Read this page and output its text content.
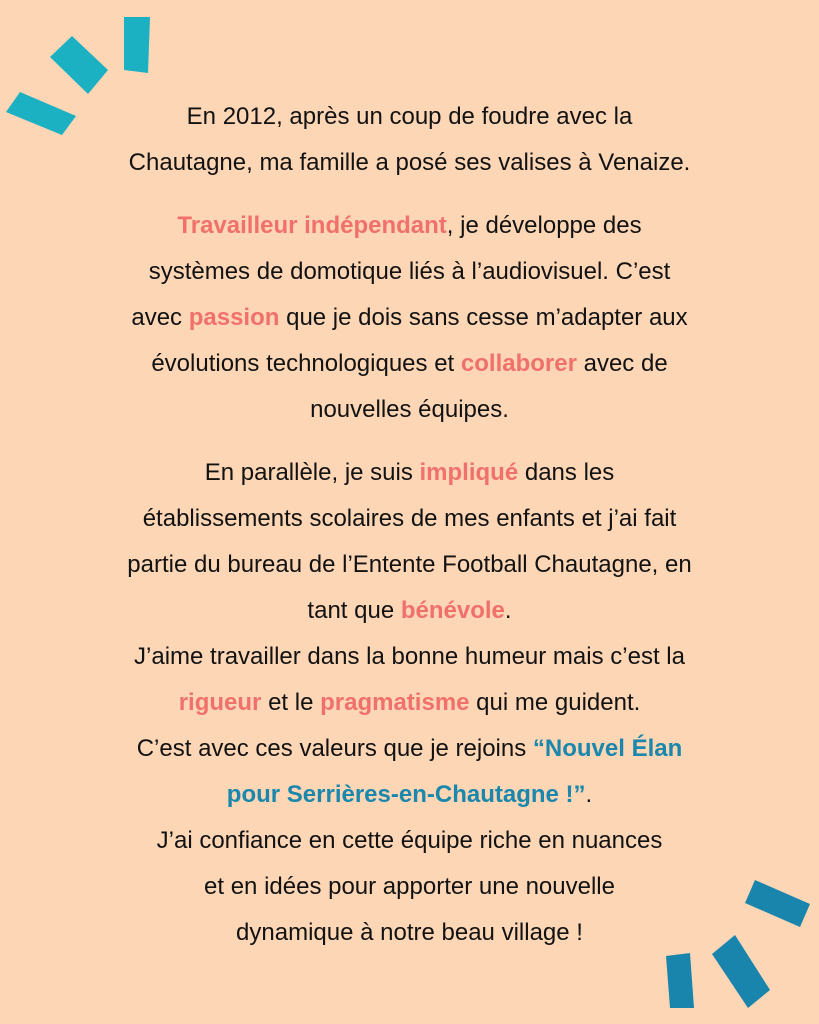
En 2012, après un coup de foudre avec la
Chautagne, ma famille a posé ses valises à Venaize.

Travailleur indépendant, je développe des
systèmes de domotique liés à l’audiovisuel. C’est
avec passion que je dois sans cesse m’adapter aux
évolutions technologiques et collaborer avec de
nouvelles équipes.

En parallèle, je suis impliqué dans les
établissements scolaires de mes enfants et j’ai fait
partie du bureau de l’Entente Football Chautagne, en
tant que bénévole.
J’aime travailler dans la bonne humeur mais c’est la
rigueur et le pragmatisme qui me guident.
C’est avec ces valeurs que je rejoins “Nouvel Élan
pour Serrières-en-Chautagne !”.
J’ai confiance en cette équipe riche en nuances
et en idées pour apporter une nouvelle
dynamique à notre beau village !
